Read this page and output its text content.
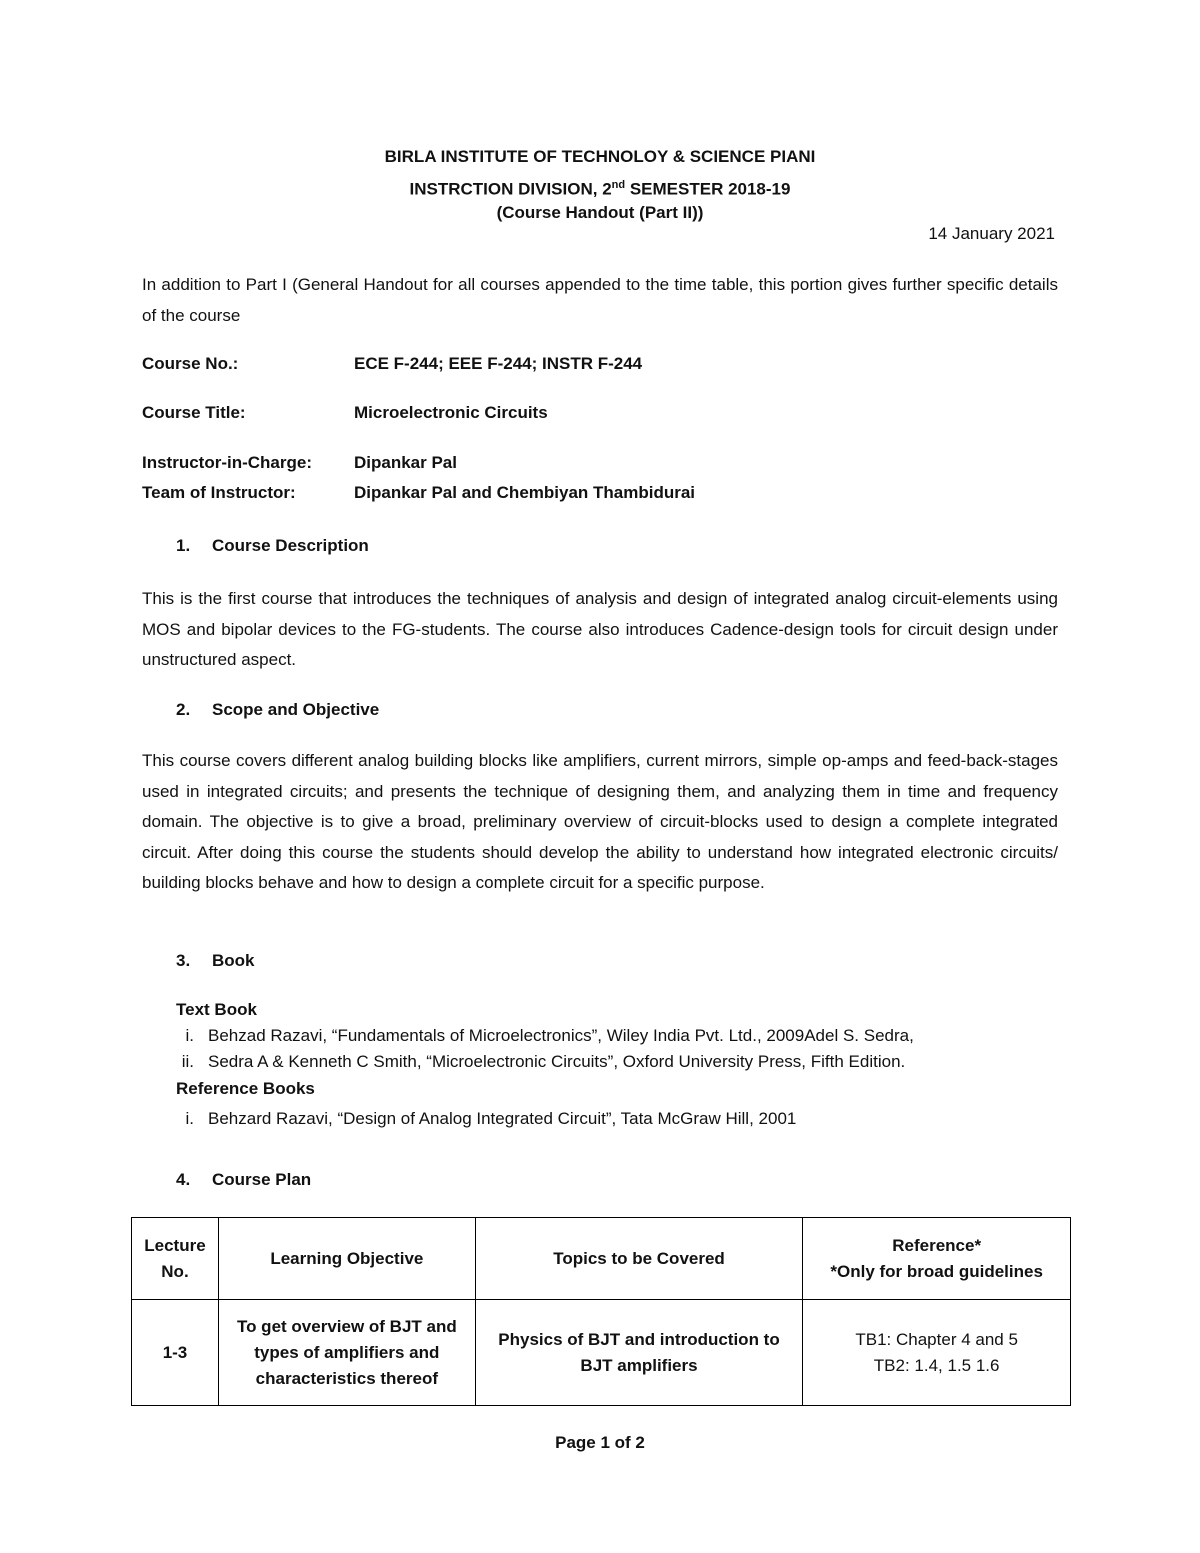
BIRLA INSTITUTE OF TECHNOLOY & SCIENCE PIANI
INSTRCTION DIVISION, 2nd SEMESTER 2018-19
(Course Handout (Part II))
14 January 2021
In addition to Part I (General Handout for all courses appended to the time table, this portion gives further specific details of the course
Course No.:	ECE F-244; EEE F-244; INSTR F-244
Course Title:	Microelectronic Circuits
Instructor-in-Charge: Dipankar Pal
Team of Instructor:	Dipankar Pal and Chembiyan Thambidurai
1. Course Description
This is the first course that introduces the techniques of analysis and design of integrated analog circuit-elements using MOS and bipolar devices to the FG-students. The course also introduces Cadence-design tools for circuit design under unstructured aspect.
2. Scope and Objective
This course covers different analog building blocks like amplifiers, current mirrors, simple op-amps and feed-back-stages used in integrated circuits; and presents the technique of designing them, and analyzing them in time and frequency domain. The objective is to give a broad, preliminary overview of circuit-blocks used to design a complete integrated circuit. After doing this course the students should develop the ability to understand how integrated electronic circuits/ building blocks behave and how to design a complete circuit for a specific purpose.
3. Book
Text Book
i. Behzad Razavi, “Fundamentals of Microelectronics”, Wiley India Pvt. Ltd., 2009Adel S. Sedra,
ii. Sedra A & Kenneth C Smith, “Microelectronic Circuits”, Oxford University Press, Fifth Edition.
Reference Books
i. Behzard Razavi, “Design of Analog Integrated Circuit”, Tata McGraw Hill, 2001
4. Course Plan
Lecture
No.	Learning Objective	Topics to be Covered	Reference*
*Only for broad guidelines
1-3	To get overview of BJT and types of amplifiers and characteristics thereof	Physics of BJT and introduction to BJT amplifiers	TB1: Chapter 4 and 5
TB2: 1.4, 1.5 1.6
Page 1 of 2
